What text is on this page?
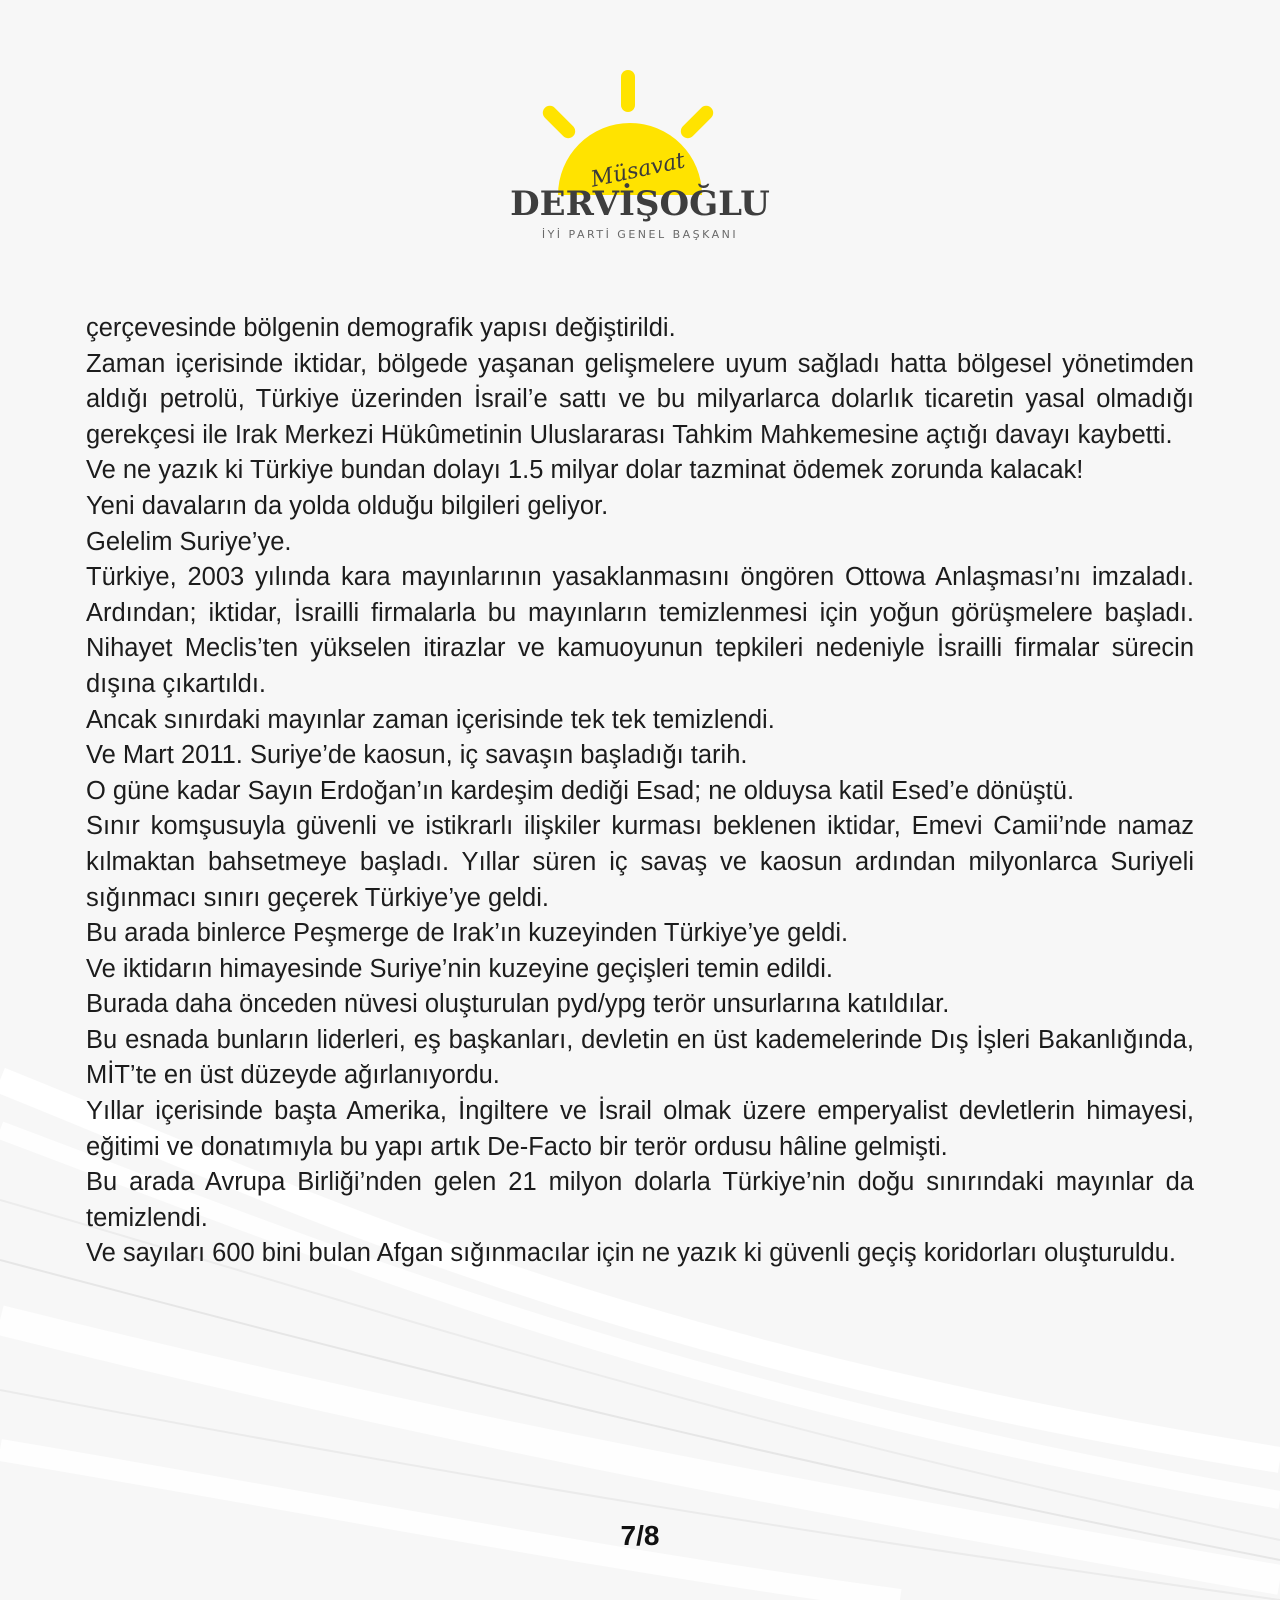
Müsavat
DERVİŞOĞLU
İYİ PARTİ GENEL BAŞKANI

çerçevesinde bölgenin demografik yapısı değiştirildi.

Zaman içerisinde iktidar, bölgede yaşanan gelişmelere uyum sağladı hatta bölgesel yönetimden aldığı petrolü, Türkiye üzerinden İsrail’e sattı ve bu milyarlarca dolarlık ticaretin yasal olmadığı gerekçesi ile Irak Merkezi Hükûmetinin Uluslararası Tahkim Mahkemesine açtığı davayı kaybetti.

Ve ne yazık ki Türkiye bundan dolayı 1.5 milyar dolar tazminat ödemek zorunda kalacak!

Yeni davaların da yolda olduğu bilgileri geliyor.

Gelelim Suriye’ye.

Türkiye, 2003 yılında kara mayınlarının yasaklanmasını öngören Ottowa Anlaşması’nı imzaladı. Ardından; iktidar, İsrailli firmalarla bu mayınların temizlenmesi için yoğun görüşmelere başladı. Nihayet Meclis’ten yükselen itirazlar ve kamuoyunun tepkileri nedeniyle İsrailli firmalar sürecin dışına çıkartıldı.

Ancak sınırdaki mayınlar zaman içerisinde tek tek temizlendi.

Ve Mart 2011. Suriye’de kaosun, iç savaşın başladığı tarih.

O güne kadar Sayın Erdoğan’ın kardeşim dediği Esad; ne olduysa katil Esed’e dönüştü.

Sınır komşusuyla güvenli ve istikrarlı ilişkiler kurması beklenen iktidar, Emevi Camii’nde namaz kılmaktan bahsetmeye başladı. Yıllar süren iç savaş ve kaosun ardından milyonlarca Suriyeli sığınmacı sınırı geçerek Türkiye’ye geldi.

Bu arada binlerce Peşmerge de Irak’ın kuzeyinden Türkiye’ye geldi.

Ve iktidarın himayesinde Suriye’nin kuzeyine geçişleri temin edildi.

Burada daha önceden nüvesi oluşturulan pyd/ypg terör unsurlarına katıldılar.

Bu esnada bunların liderleri, eş başkanları, devletin en üst kademelerinde Dış İşleri Bakanlığında, MİT’te en üst düzeyde ağırlanıyordu.

Yıllar içerisinde başta Amerika, İngiltere ve İsrail olmak üzere emperyalist devletlerin himayesi, eğitimi ve donatımıyla bu yapı artık De-Facto bir terör ordusu hâline gelmişti.

Bu arada Avrupa Birliği’nden gelen 21 milyon dolarla Türkiye’nin doğu sınırındaki mayınlar da temizlendi.

Ve sayıları 600 bini bulan Afgan sığınmacılar için ne yazık ki güvenli geçiş koridorları oluşturuldu.

7/8
